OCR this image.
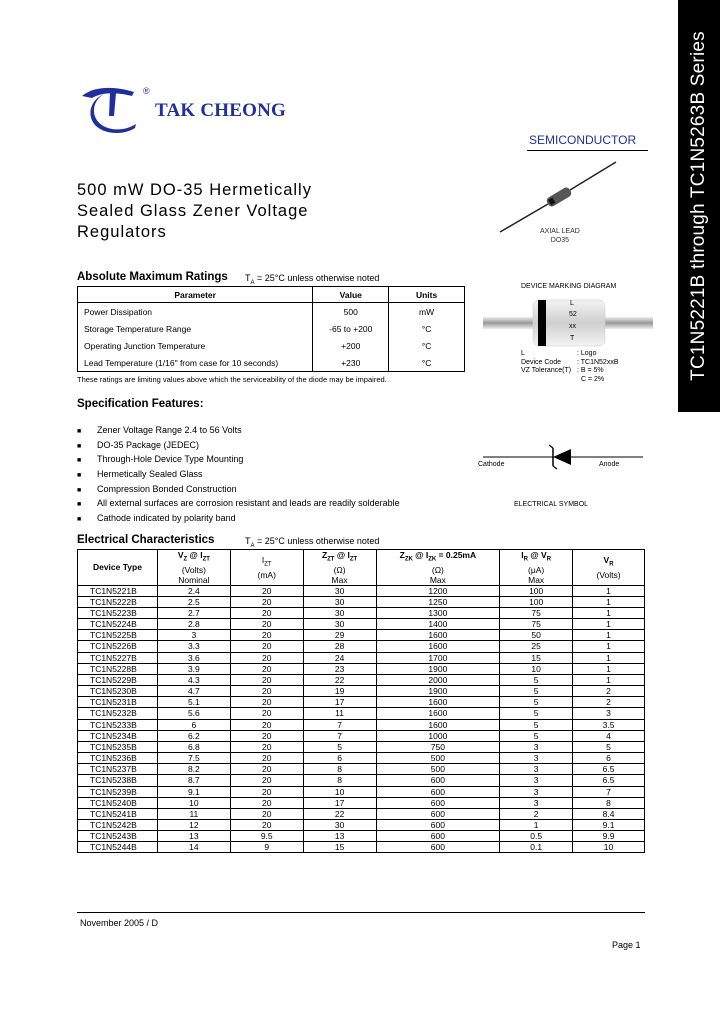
®
TAK CHEONG
SEMICONDUCTOR	TC1N5221B through TC1N5263B Series
500 mW DO-35 Hermetically
Sealed Glass Zener Voltage
Regulators	AXIAL LEAD
DO35
DEVICE MARKING DIAGRAM
L
52
xx
T
L	: Logo
Device Code	: TC1N52xxB
VZ Tolerance(T) : B = 5%
C = 2%
Cathode	Anode
ELECTRICAL SYMBOL
Absolute Maximum Ratings $T_A = 25^\circ C$ unless otherwise noted
Parameter	Value	Units
Power Dissipation	500	mW
Storage Temperature Range	-65 to +200	°C
Operating Junction Temperature	+200	°C
Lead Temperature (1/16" from case for 10 seconds)	+230	°C
These ratings are limiting values above which the serviceability of the diode may be impaired.
Specification Features:
■ Zener Voltage Range 2.4 to 56 Volts
■ DO-35 Package (JEDEC)
■ Through-Hole Device Type Mounting
■ Hermetically Sealed Glass
■ Compression Bonded Construction
■ All external surfaces are corrosion resistant and leads are readily solderable
■ Cathode indicated by polarity band
Electrical Characteristics	$T_A = 25^\circ C$ unless otherwise noted
Device Type	$V_Z$ @ $I_{ZT}$
(Volts)
Nominal	$I_{ZT}$
(mA)	$Z_{ZT}$ @ $I_{ZT}$
(Ω)
Max	$Z_{ZK}$ @ $I_{ZK} = 0.25mA$
(Ω)
Max	$I_R$ @ $V_R$
(μA)
Max	$V_R$
(Volts)
TC1N5221B	2.4	20	30	1200	100	1
TC1N5222B	2.5	20	30	1250	100	1
TC1N5223B	2.7	20	30	1300	75	1
TC1N5224B	2.8	20	30	1400	75	1
TC1N5225B	3	20	29	1600	50	1
TC1N5226B	3.3	20	28	1600	25	1
TC1N5227B	3.6	20	24	1700	15	1
TC1N5228B	3.9	20	23	1900	10	1
TC1N5229B	4.3	20	22	2000	5	1
TC1N5230B	4.7	20	19	1900	5	2
TC1N5231B	5.1	20	17	1600	5	2
TC1N5232B	5.6	20	11	1600	5	3
TC1N5233B	6	20	7	1600	5	3.5
TC1N5234B	6.2	20	7	1000	5	4
TC1N5235B	6.8	20	5	750	3	5
TC1N5236B	7.5	20	6	500	3	6
TC1N5237B	8.2	20	8	500	3	6.5
TC1N5238B	8.7	20	8	600	3	6.5
TC1N5239B	9.1	20	10	600	3	7
TC1N5240B	10	20	17	600	3	8
TC1N5241B	11	20	22	600	2	8.4
TC1N5242B	12	20	30	600	1	9.1
TC1N5243B	13	9.5	13	600	0.5	9.9
TC1N5244B	14	9	15	600	0.1	10
November 2005 / D
Page 1
